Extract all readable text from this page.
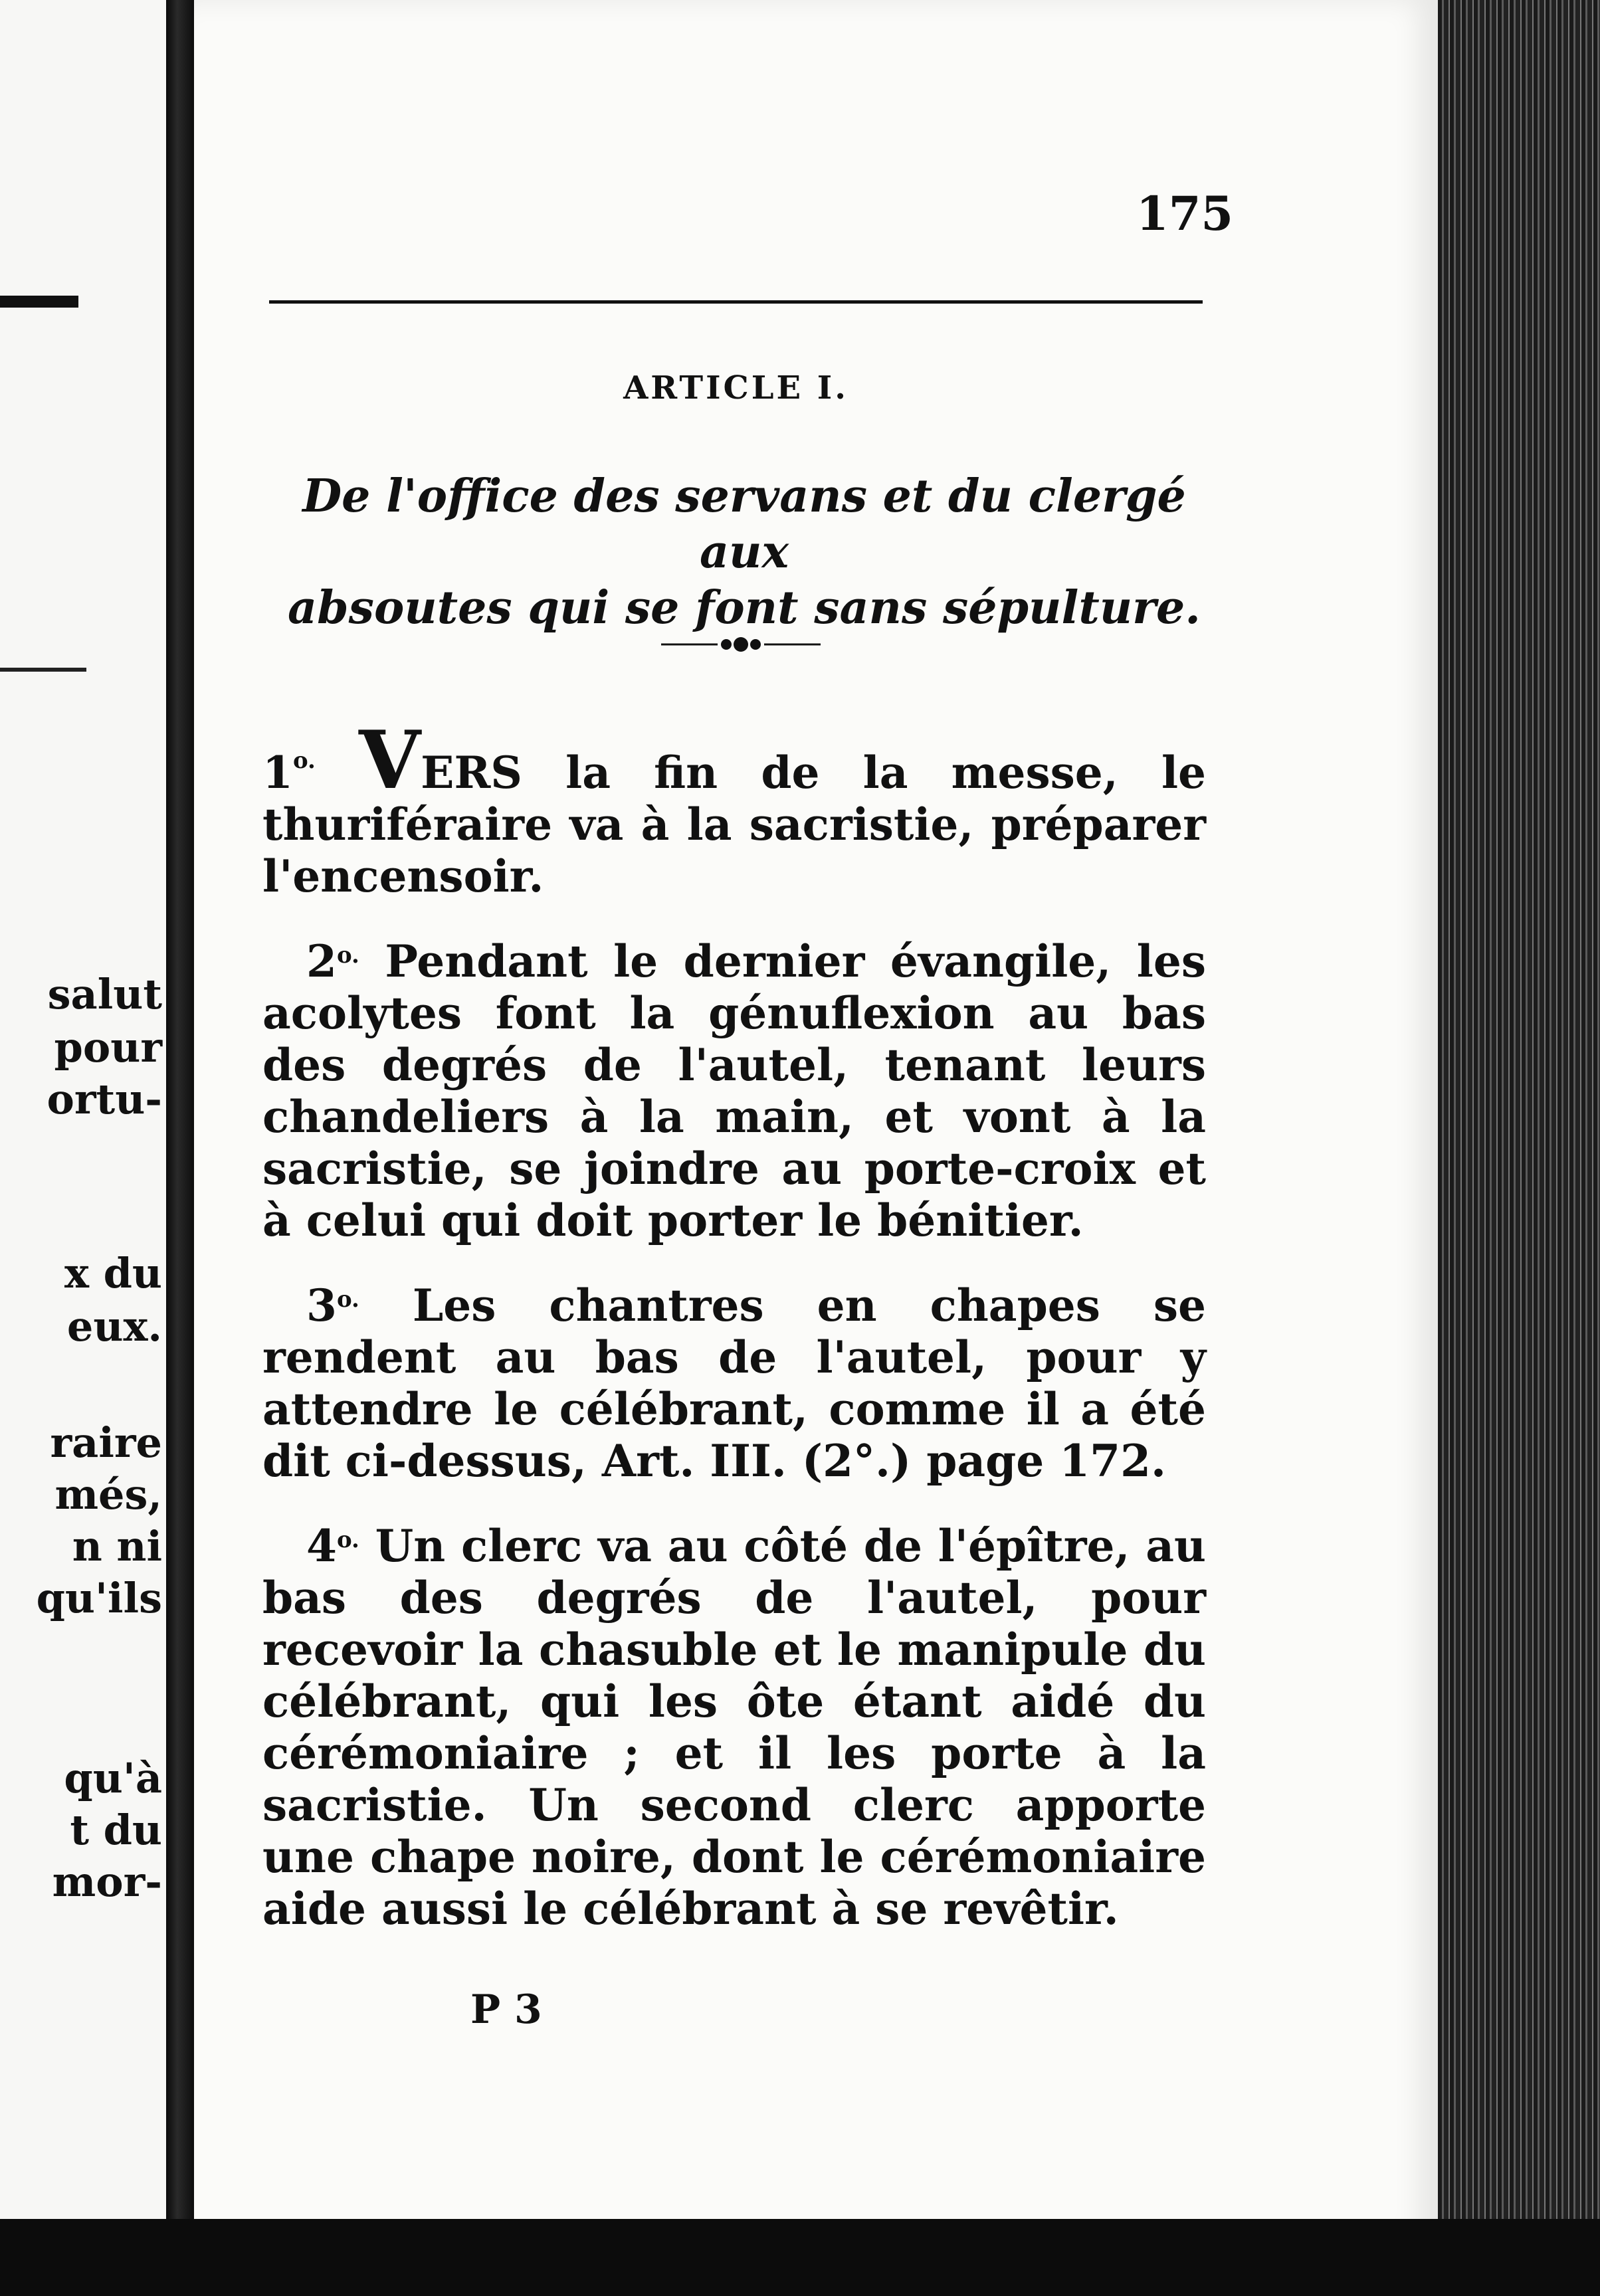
salut
pour
ortu-
x du
eux.
raire
més,
n ni
qu'ils
qu'à
t du
mor-
175
ARTICLE I.
De l'office des servans et du clergé aux
absoutes qui se font sans sépulture.

$1^{o.}$ VERS la fin de la messe, le thuriféraire va à la sacristie, préparer l'encensoir.

 $2^{o.}$ Pendant le dernier évangile, les acolytes font la génuflexion au bas des degrés de l'autel, tenant leurs chandeliers à la main, et vont à la sacristie, se joindre au porte-croix et à celui qui doit porter le bénitier.

 $3^{o.}$ Les chantres en chapes se rendent au bas de l'autel, pour y attendre le célébrant, comme il a été dit ci-dessus, Art. III. (2°.) page 172.

 $4^{o.}$ Un clerc va au côté de l'épître, au bas des degrés de l'autel, pour recevoir la chasuble et le manipule du célébrant, qui les ôte étant aidé du cérémoniaire ; et il les porte à la sacristie. Un second clerc apporte une chape noire, dont le cérémoniaire aide aussi le célébrant à se revêtir.

P 3
